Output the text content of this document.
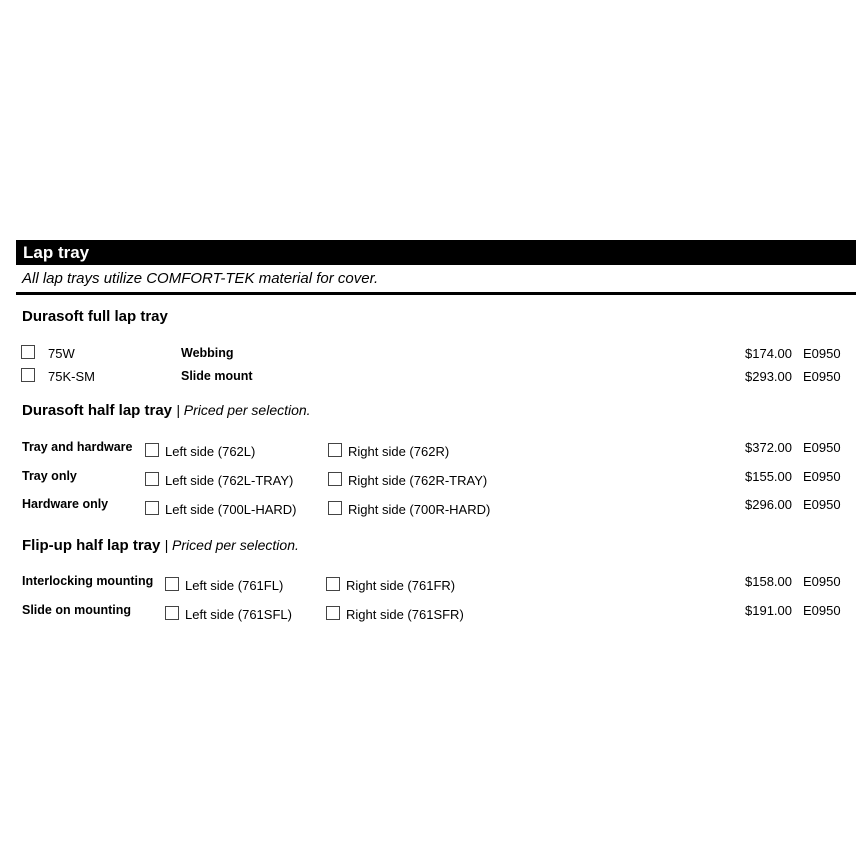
Lap tray
All lap trays utilize COMFORT-TEK material for cover.
Durasoft full lap tray
75W	Webbing	$174.00 E0950
75K-SM	Slide mount	$293.00 E0950
Durasoft half lap tray | Priced per selection.
Tray and hardware	Left side (762L)	Right side (762R)	$372.00 E0950
Tray only	Left side (762L-TRAY)	Right side (762R-TRAY)	$155.00 E0950
Hardware only	Left side (700L-HARD)	Right side (700R-HARD)	$296.00 E0950
Flip-up half lap tray | Priced per selection.
Interlocking mounting Left side (761FL)	Right side (761FR)	$158.00 E0950
Slide on mounting	Left side (761SFL)	Right side (761SFR)	$191.00 E0950
